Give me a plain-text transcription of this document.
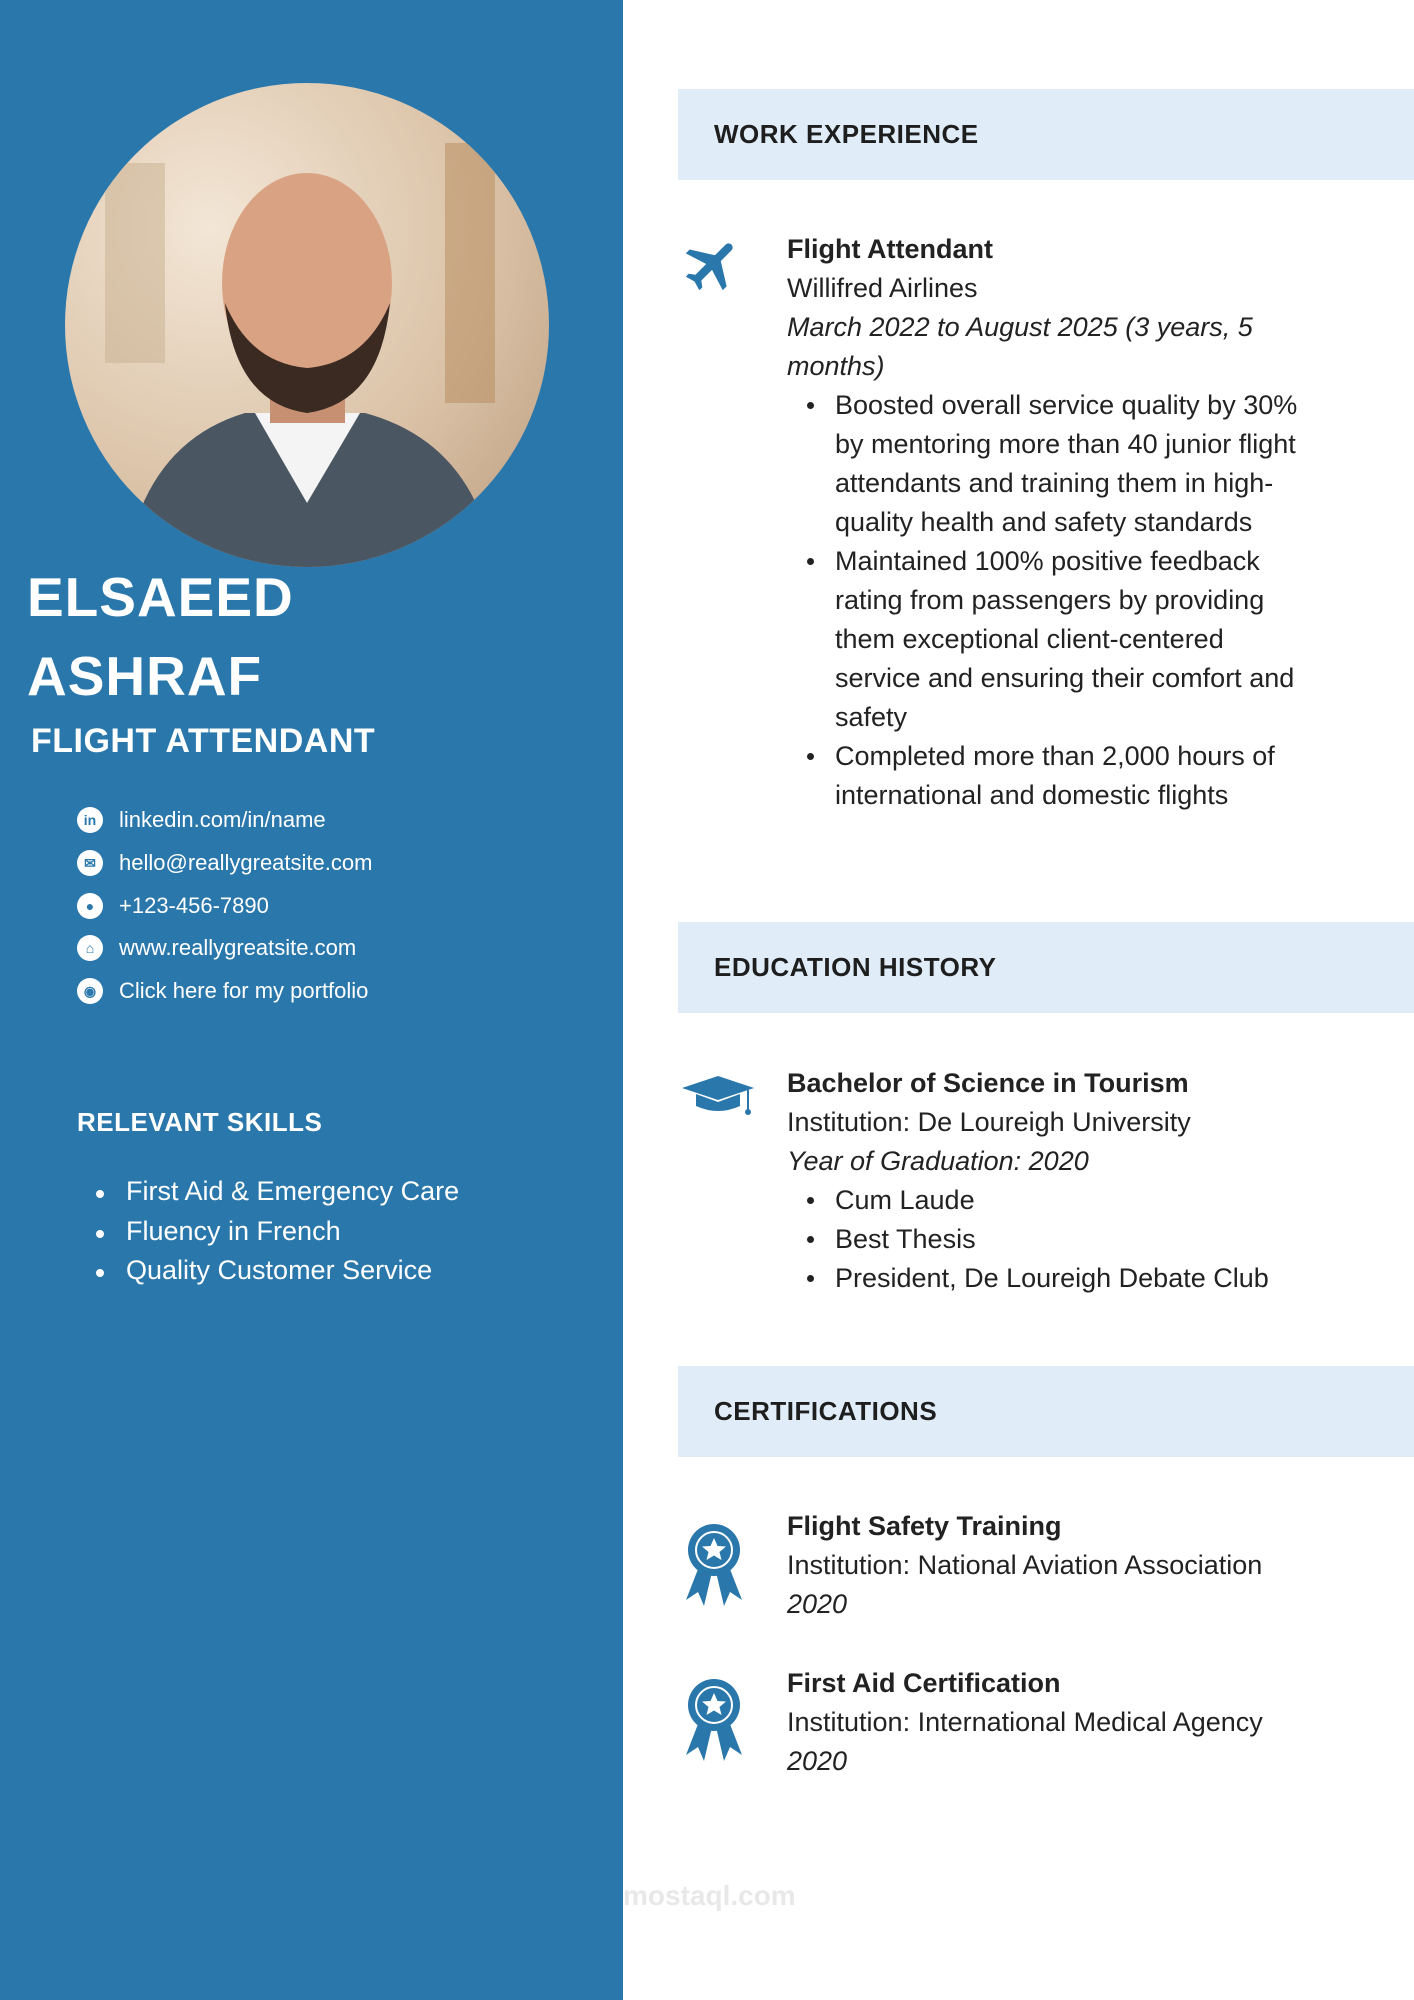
ELSAEED
ASHRAF
FLIGHT ATTENDANT
in	linkedin.com/in/name
✉	hello@reallygreatsite.com
●	+123-456-7890
⌂	www.reallygreatsite.com
◉	Click here for my portfolio
RELEVANT SKILLS
First Aid & Emergency Care
Fluency in French
Quality Customer Service
WORK EXPERIENCE
Flight Attendant
Willifred Airlines
March 2022 to August 2025 (3 years, 5 months)
Boosted overall service quality by 30% by mentoring more than 40 junior flight attendants and training them in high-quality health and safety standards
Maintained 100% positive feedback rating from passengers by providing them exceptional client-centered service and ensuring their comfort and safety
Completed more than 2,000 hours of international and domestic flights
EDUCATION HISTORY
Bachelor of Science in Tourism
Institution: De Loureigh University
Year of Graduation: 2020
Cum Laude
Best Thesis
President, De Loureigh Debate Club
CERTIFICATIONS
Flight Safety Training
Institution: National Aviation Association
2020
First Aid Certification
Institution: International Medical Agency
2020
mostaql.com
